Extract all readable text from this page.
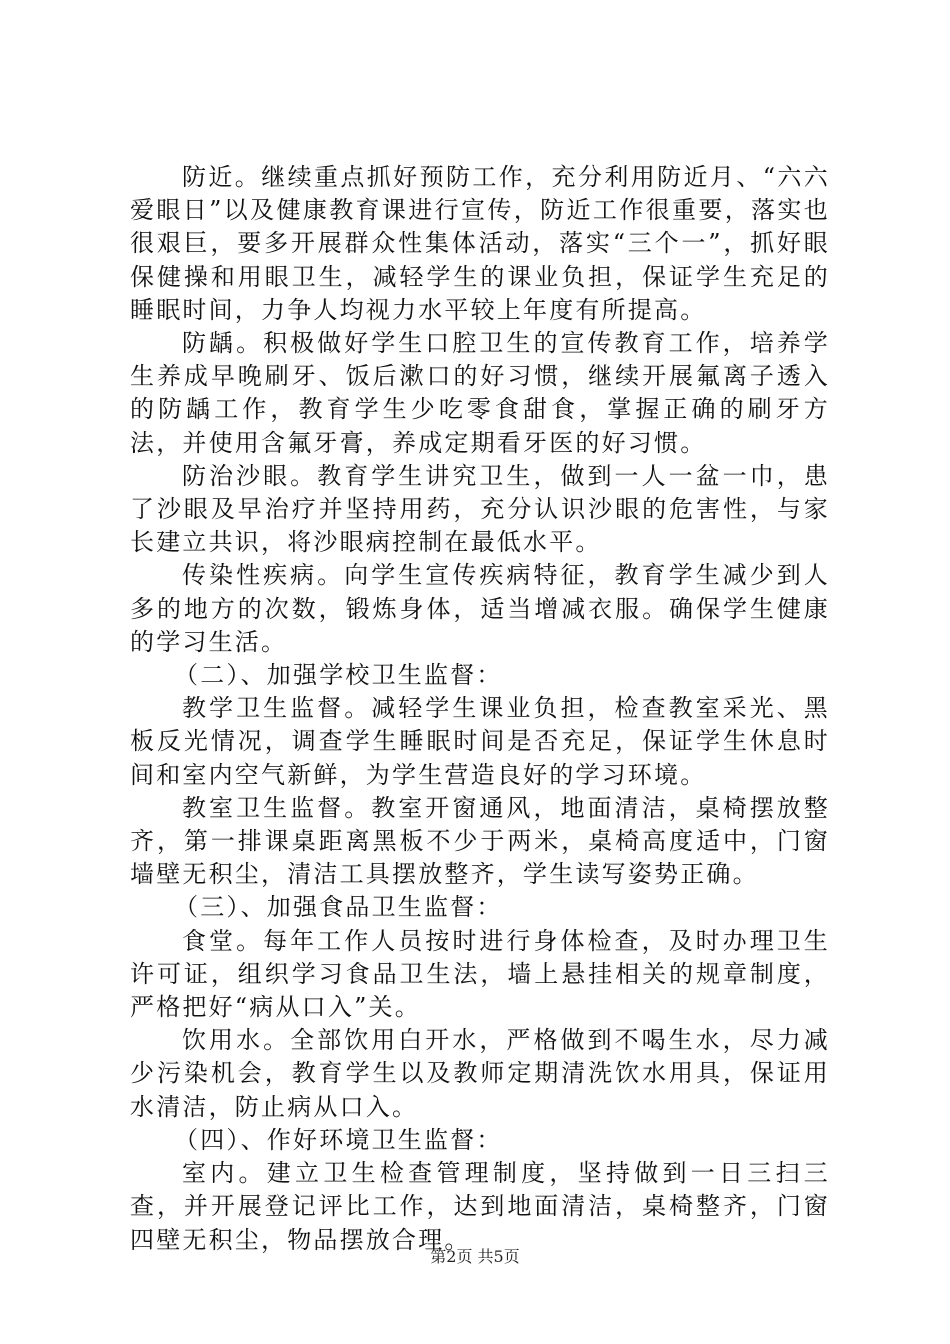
防近。继续重点抓好预防工作，充分利用防近月、“六六爱眼日”以及健康教育课进行宣传，防近工作很重要，落实也很艰巨，要多开展群众性集体活动，落实“三个一”，抓好眼保健操和用眼卫生，减轻学生的课业负担，保证学生充足的睡眠时间，力争人均视力水平较上年度有所提高。

防龋。积极做好学生口腔卫生的宣传教育工作，培养学生养成早晚刷牙、饭后漱口的好习惯，继续开展氟离子透入的防龋工作，教育学生少吃零食甜食，掌握正确的刷牙方法，并使用含氟牙膏，养成定期看牙医的好习惯。

防治沙眼。教育学生讲究卫生，做到一人一盆一巾，患了沙眼及早治疗并坚持用药，充分认识沙眼的危害性，与家长建立共识，将沙眼病控制在最低水平。

传染性疾病。向学生宣传疾病特征，教育学生减少到人多的地方的次数，锻炼身体，适当增减衣服。确保学生健康的学习生活。

（二）、加强学校卫生监督：

教学卫生监督。减轻学生课业负担，检查教室采光、黑板反光情况，调查学生睡眠时间是否充足，保证学生休息时间和室内空气新鲜，为学生营造良好的学习环境。

教室卫生监督。教室开窗通风，地面清洁，桌椅摆放整齐，第一排课桌距离黑板不少于两米，桌椅高度适中，门窗墙壁无积尘，清洁工具摆放整齐，学生读写姿势正确。

（三）、加强食品卫生监督：

食堂。每年工作人员按时进行身体检查，及时办理卫生许可证，组织学习食品卫生法，墙上悬挂相关的规章制度，严格把好“病从口入”关。

饮用水。全部饮用白开水，严格做到不喝生水，尽力减少污染机会，教育学生以及教师定期清洗饮水用具，保证用水清洁，防止病从口入。

（四）、作好环境卫生监督：

室内。建立卫生检查管理制度，坚持做到一日三扫三查，并开展登记评比工作，达到地面清洁，桌椅整齐，门窗四壁无积尘，物品摆放合理。

第2页 共5页
